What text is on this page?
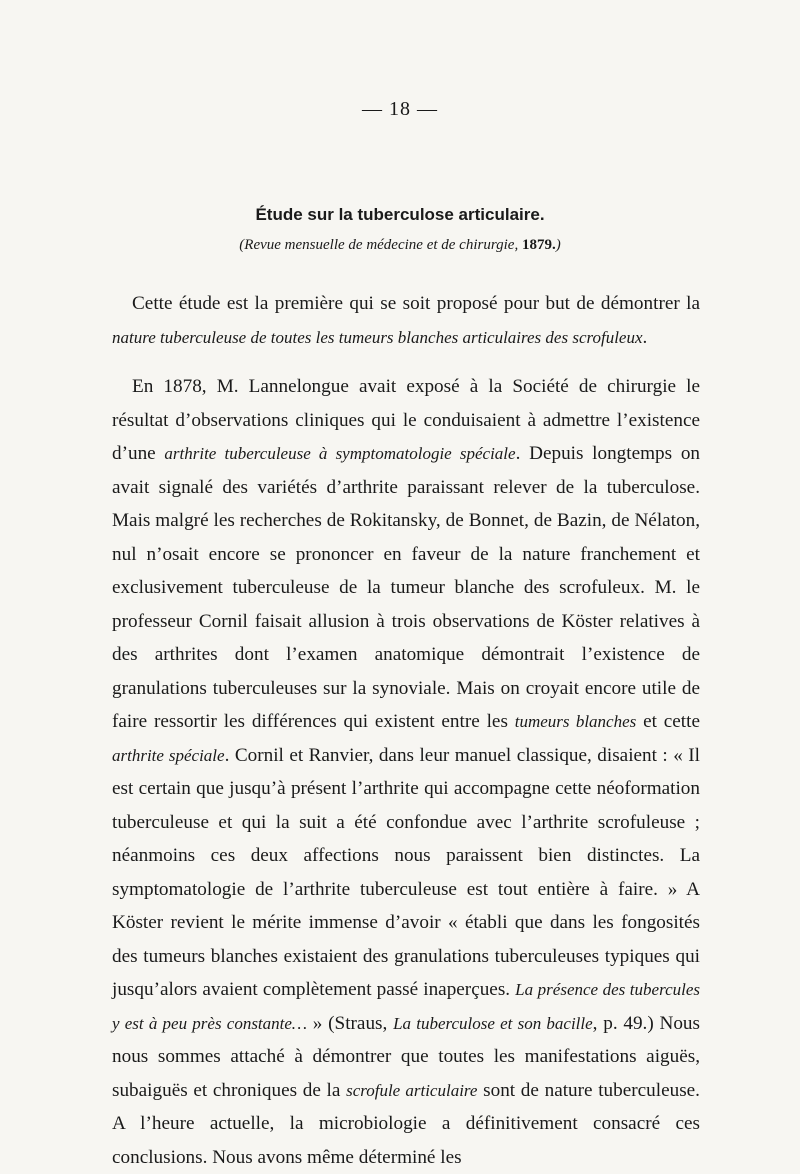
— 18 —
Étude sur la tuberculose articulaire.
(Revue mensuelle de médecine et de chirurgie, 1879.)

Cette étude est la première qui se soit proposé pour but de démontrer la nature tuberculeuse de toutes les tumeurs blanches articulaires des scrofuleux.

En 1878, M. Lannelongue avait exposé à la Société de chirurgie le résultat d’observations cliniques qui le conduisaient à admettre l’existence d’une arthrite tuberculeuse à symptomatologie spéciale. Depuis longtemps on avait signalé des variétés d’arthrite paraissant relever de la tuberculose. Mais malgré les recherches de Rokitansky, de Bonnet, de Bazin, de Nélaton, nul n’osait encore se prononcer en faveur de la nature franchement et exclusivement tuberculeuse de la tumeur blanche des scrofuleux. M. le professeur Cornil faisait allusion à trois observations de Köster relatives à des arthrites dont l’examen anatomique démontrait l’existence de granulations tuberculeuses sur la synoviale. Mais on croyait encore utile de faire ressortir les différences qui existent entre les tumeurs blanches et cette arthrite spéciale. Cornil et Ranvier, dans leur manuel classique, disaient : « Il est certain que jusqu’à présent l’arthrite qui accompagne cette néoformation tuberculeuse et qui la suit a été confondue avec l’arthrite scrofuleuse ; néanmoins ces deux affections nous paraissent bien distinctes. La symptomatologie de l’arthrite tuberculeuse est tout entière à faire. » A Köster revient le mérite immense d’avoir « établi que dans les fongosités des tumeurs blanches existaient des granulations tuberculeuses typiques qui jusqu’alors avaient complètement passé inaperçues. La présence des tubercules y est à peu près constante… » (Straus, La tuberculose et son bacille, p. 49.) Nous nous sommes attaché à démontrer que toutes les manifestations aiguës, subaiguës et chroniques de la scrofule articulaire sont de nature tuberculeuse. A l’heure actuelle, la microbiologie a définitivement consacré ces conclusions. Nous avons même déterminé les
